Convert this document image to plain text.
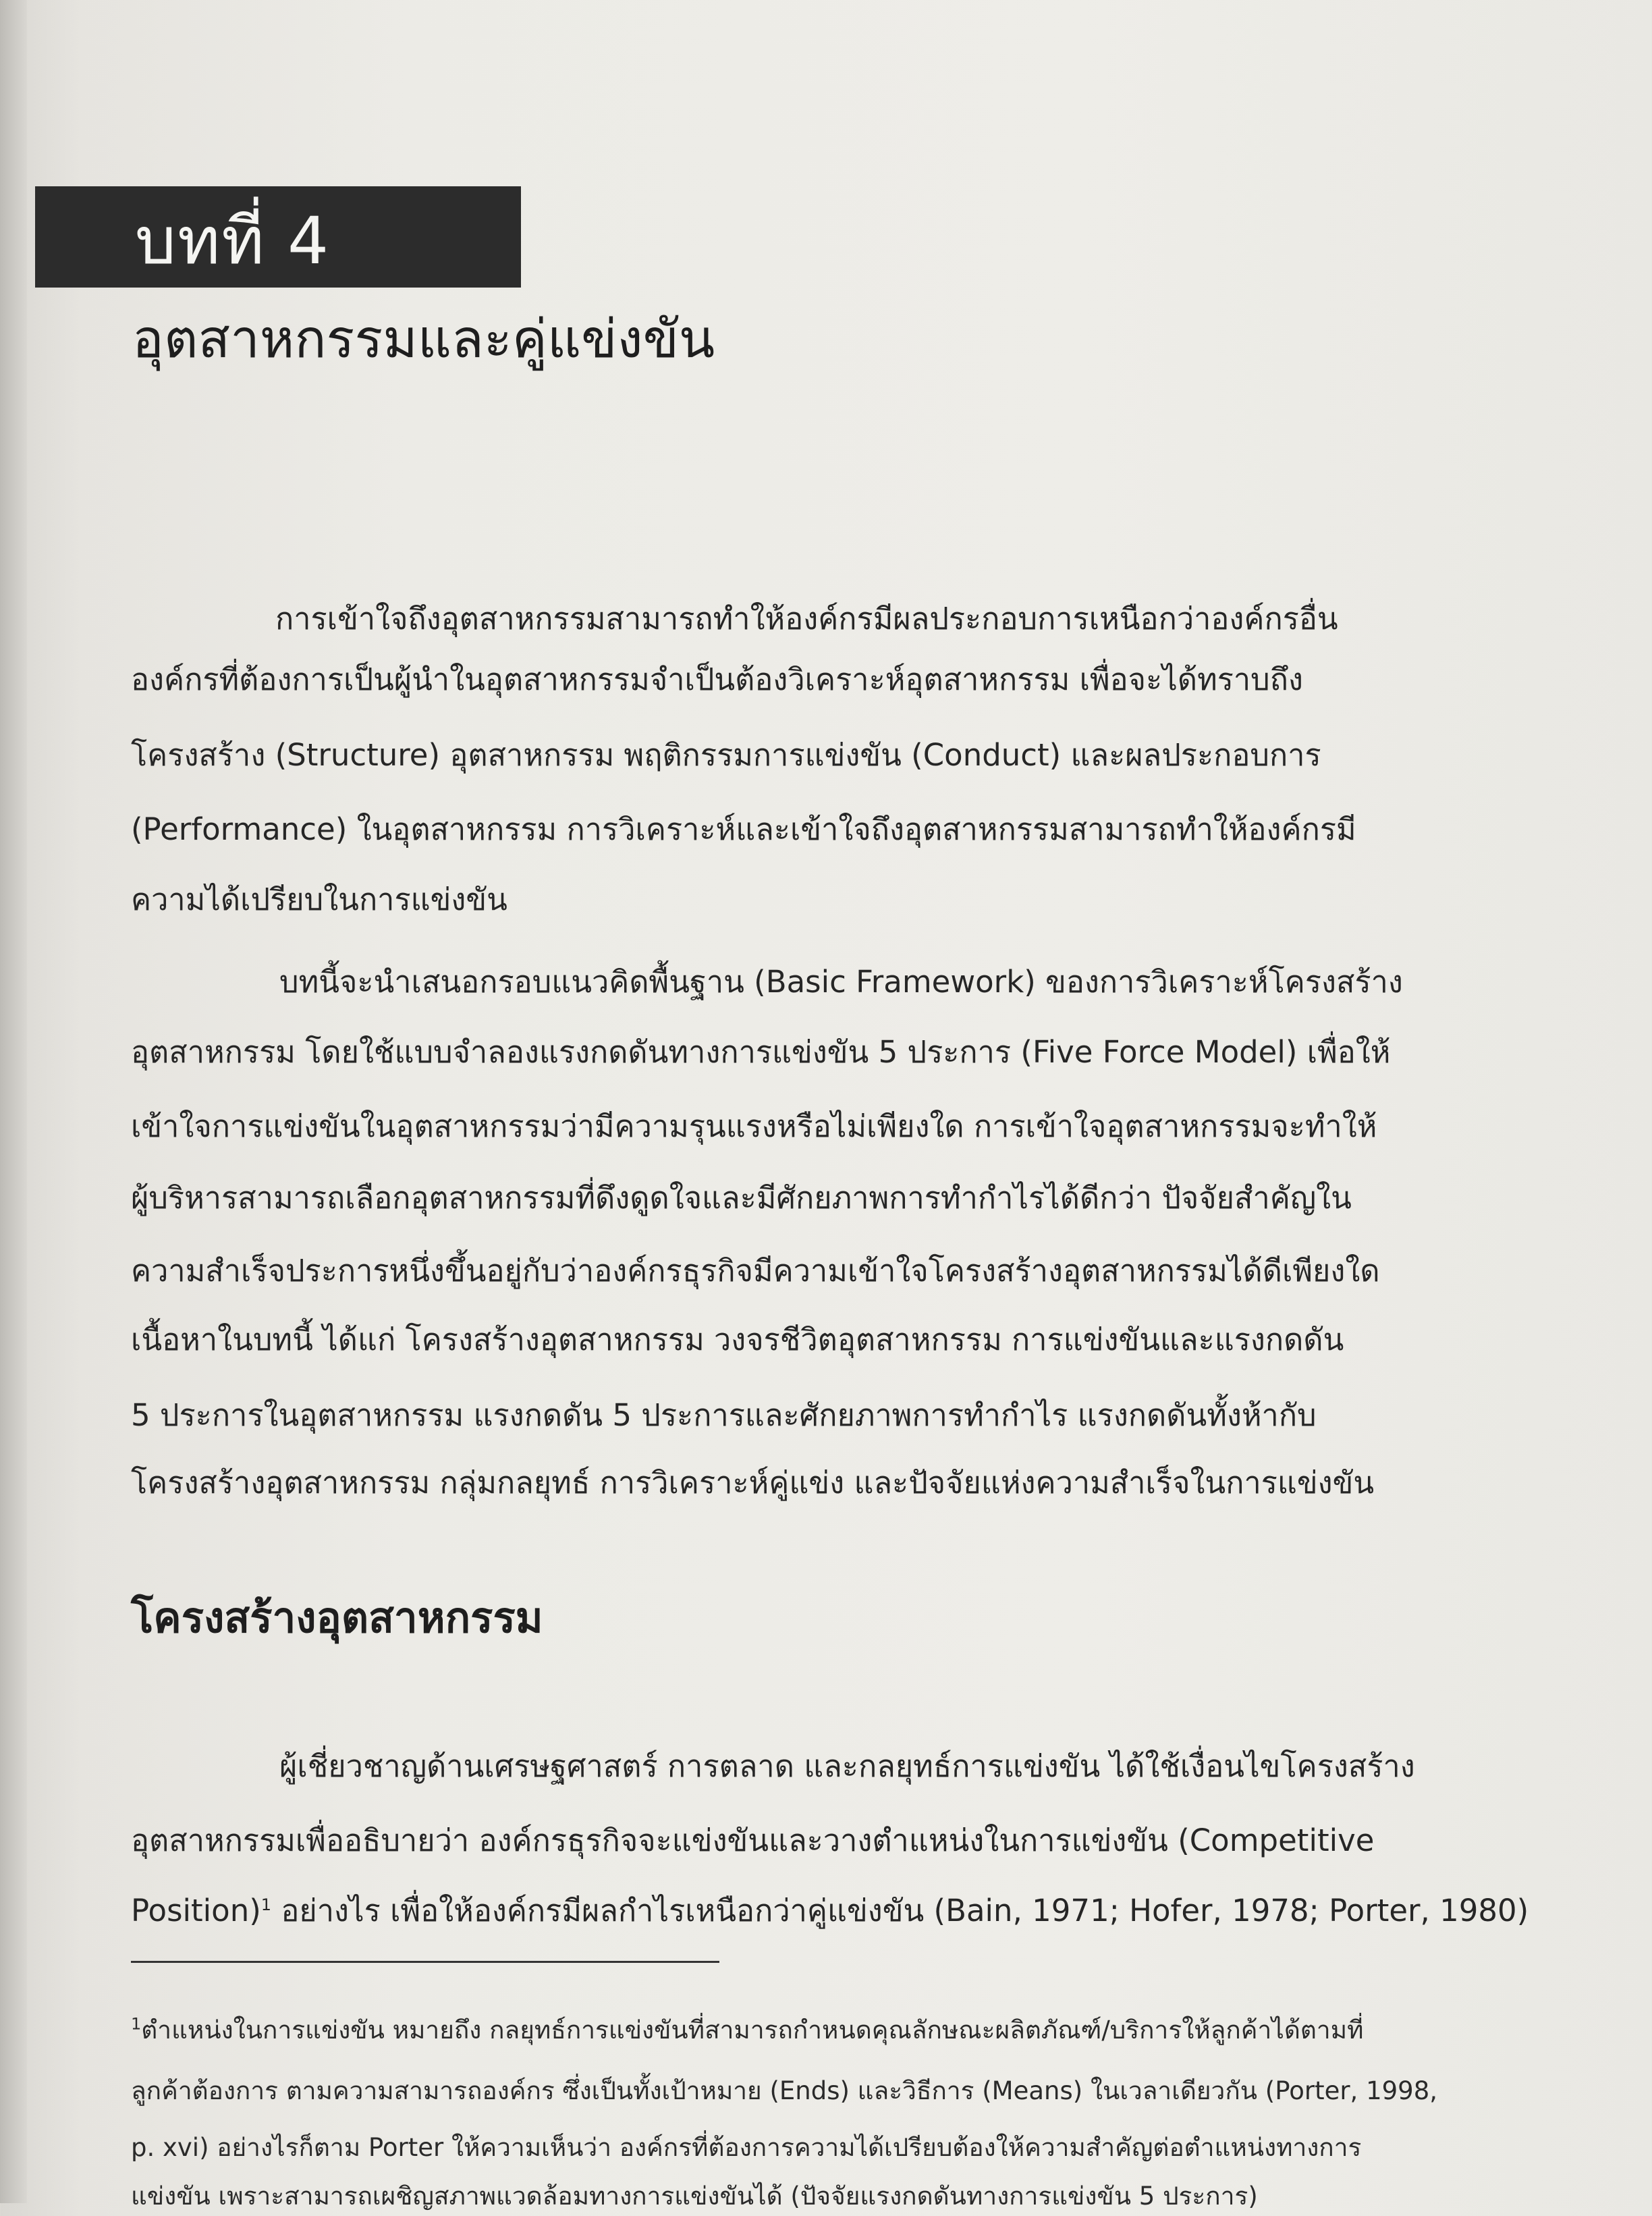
บทที่ 4
อุตสาหกรรมและคู่แข่งขัน
การเข้าใจถึงอุตสาหกรรมสามารถทำให้องค์กรมีผลประกอบการเหนือกว่าองค์กรอื่น
องค์กรที่ต้องการเป็นผู้นำในอุตสาหกรรมจำเป็นต้องวิเคราะห์อุตสาหกรรม เพื่อจะได้ทราบถึง
โครงสร้าง (Structure) อุตสาหกรรม พฤติกรรมการแข่งขัน (Conduct) และผลประกอบการ
(Performance) ในอุตสาหกรรม การวิเคราะห์และเข้าใจถึงอุตสาหกรรมสามารถทำให้องค์กรมี
ความได้เปรียบในการแข่งขัน
บทนี้จะนำเสนอกรอบแนวคิดพื้นฐาน (Basic Framework) ของการวิเคราะห์โครงสร้าง
อุตสาหกรรม โดยใช้แบบจำลองแรงกดดันทางการแข่งขัน 5 ประการ (Five Force Model) เพื่อให้
เข้าใจการแข่งขันในอุตสาหกรรมว่ามีความรุนแรงหรือไม่เพียงใด การเข้าใจอุตสาหกรรมจะทำให้
ผู้บริหารสามารถเลือกอุตสาหกรรมที่ดึงดูดใจและมีศักยภาพการทำกำไรได้ดีกว่า ปัจจัยสำคัญใน
ความสำเร็จประการหนึ่งขึ้นอยู่กับว่าองค์กรธุรกิจมีความเข้าใจโครงสร้างอุตสาหกรรมได้ดีเพียงใด
เนื้อหาในบทนี้ ได้แก่ โครงสร้างอุตสาหกรรม วงจรชีวิตอุตสาหกรรม การแข่งขันและแรงกดดัน
5 ประการในอุตสาหกรรม แรงกดดัน 5 ประการและศักยภาพการทำกำไร แรงกดดันทั้งห้ากับ
โครงสร้างอุตสาหกรรม กลุ่มกลยุทธ์ การวิเคราะห์คู่แข่ง และปัจจัยแห่งความสำเร็จในการแข่งขัน
โครงสร้างอุตสาหกรรม
ผู้เชี่ยวชาญด้านเศรษฐศาสตร์ การตลาด และกลยุทธ์การแข่งขัน ได้ใช้เงื่อนไขโครงสร้าง
อุตสาหกรรมเพื่ออธิบายว่า องค์กรธุรกิจจะแข่งขันและวางตำแหน่งในการแข่งขัน (Competitive
Position)$^1$ อย่างไร เพื่อให้องค์กรมีผลกำไรเหนือกว่าคู่แข่งขัน (Bain, 1971; Hofer, 1978; Porter, 1980)
$^1$ตำแหน่งในการแข่งขัน หมายถึง กลยุทธ์การแข่งขันที่สามารถกำหนดคุณลักษณะผลิตภัณฑ์/บริการให้ลูกค้าได้ตามที่
ลูกค้าต้องการ ตามความสามารถองค์กร ซึ่งเป็นทั้งเป้าหมาย (Ends) และวิธีการ (Means) ในเวลาเดียวกัน (Porter, 1998,
p. xvi) อย่างไรก็ตาม Porter ให้ความเห็นว่า องค์กรที่ต้องการความได้เปรียบต้องให้ความสำคัญต่อตำแหน่งทางการ
แข่งขัน เพราะสามารถเผชิญสภาพแวดล้อมทางการแข่งขันได้ (ปัจจัยแรงกดดันทางการแข่งขัน 5 ประการ)
